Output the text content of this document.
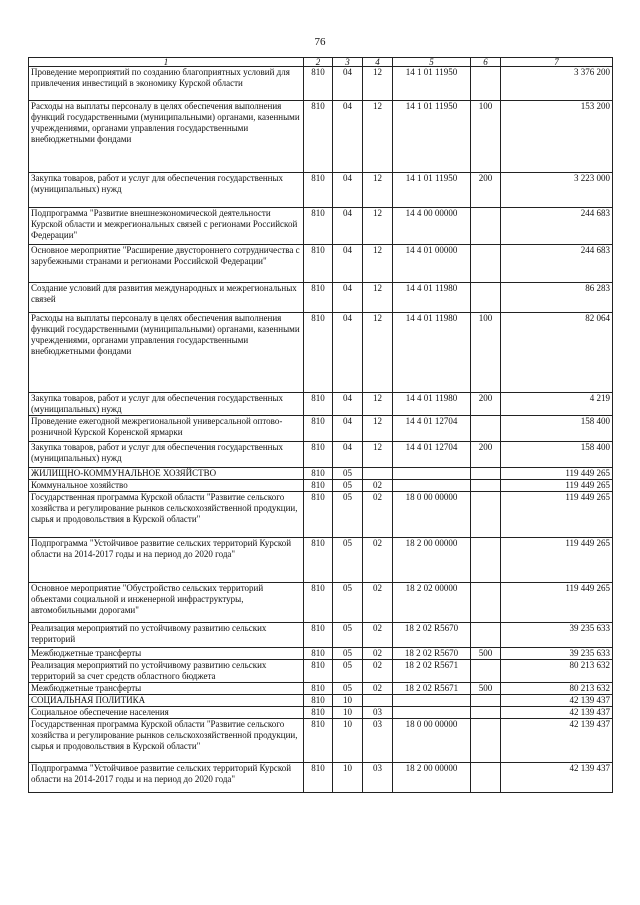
76
1	2	3	4	5	6	7
Проведение мероприятий по созданию благоприятных условий для привлечения инвестиций в экономику Курской области	810	04	12	14 1 01 11950		3 376 200
Расходы на выплаты персоналу в целях обеспечения выполнения функций государственными (муниципальными) органами, казенными учреждениями, органами управления государственными внебюджетными фондами	810	04	12	14 1 01 11950	100	153 200
Закупка товаров, работ и услуг для обеспечения государственных (муниципальных) нужд	810	04	12	14 1 01 11950	200	3 223 000
Подпрограмма "Развитие внешнеэкономической деятельности Курской области и межрегиональных связей с регионами Российской Федерации"	810	04	12	14 4 00 00000		244 683
Основное мероприятие "Расширение двустороннего сотрудничества с зарубежными странами и регионами Российской Федерации"	810	04	12	14 4 01 00000		244 683
Создание условий для развития международных и межрегиональных связей	810	04	12	14 4 01 11980		86 283
Расходы на выплаты персоналу в целях обеспечения выполнения функций государственными (муниципальными) органами, казенными учреждениями, органами управления государственными внебюджетными фондами	810	04	12	14 4 01 11980	100	82 064
Закупка товаров, работ и услуг для обеспечения государственных (муниципальных) нужд	810	04	12	14 4 01 11980	200	4 219
Проведение ежегодной межрегиональной универсальной оптово-розничной Курской Коренской ярмарки	810	04	12	14 4 01 12704		158 400
Закупка товаров, работ и услуг для обеспечения государственных (муниципальных) нужд	810	04	12	14 4 01 12704	200	158 400
ЖИЛИЩНО-КОММУНАЛЬНОЕ ХОЗЯЙСТВО	810	05				119 449 265
Коммунальное хозяйство	810	05	02			119 449 265
Государственная программа Курской области "Развитие сельского хозяйства и регулирование рынков сельскохозяйственной продукции, сырья и продовольствия в Курской области"	810	05	02	18 0 00 00000		119 449 265
Подпрограмма "Устойчивое развитие сельских территорий Курской области на 2014-2017 годы и на период до 2020 года"	810	05	02	18 2 00 00000		119 449 265
Основное мероприятие "Обустройство сельских территорий объектами социальной и инженерной инфраструктуры, автомобильными дорогами"	810	05	02	18 2 02 00000		119 449 265
Реализация мероприятий по устойчивому развитию сельских территорий	810	05	02	18 2 02 R5670		39 235 633
Межбюджетные трансферты	810	05	02	18 2 02 R5670	500	39 235 633
Реализация мероприятий по устойчивому развитию сельских территорий за счет средств областного бюджета	810	05	02	18 2 02 R5671		80 213 632
Межбюджетные трансферты	810	05	02	18 2 02 R5671	500	80 213 632
СОЦИАЛЬНАЯ ПОЛИТИКА	810	10				42 139 437
Социальное обеспечение населения	810	10	03			42 139 437
Государственная программа Курской области "Развитие сельского хозяйства и регулирование рынков сельскохозяйственной продукции, сырья и продовольствия в Курской области"	810	10	03	18 0 00 00000		42 139 437
Подпрограмма "Устойчивое развитие сельских территорий Курской области на 2014-2017 годы и на период до 2020 года"	810	10	03	18 2 00 00000		42 139 437
